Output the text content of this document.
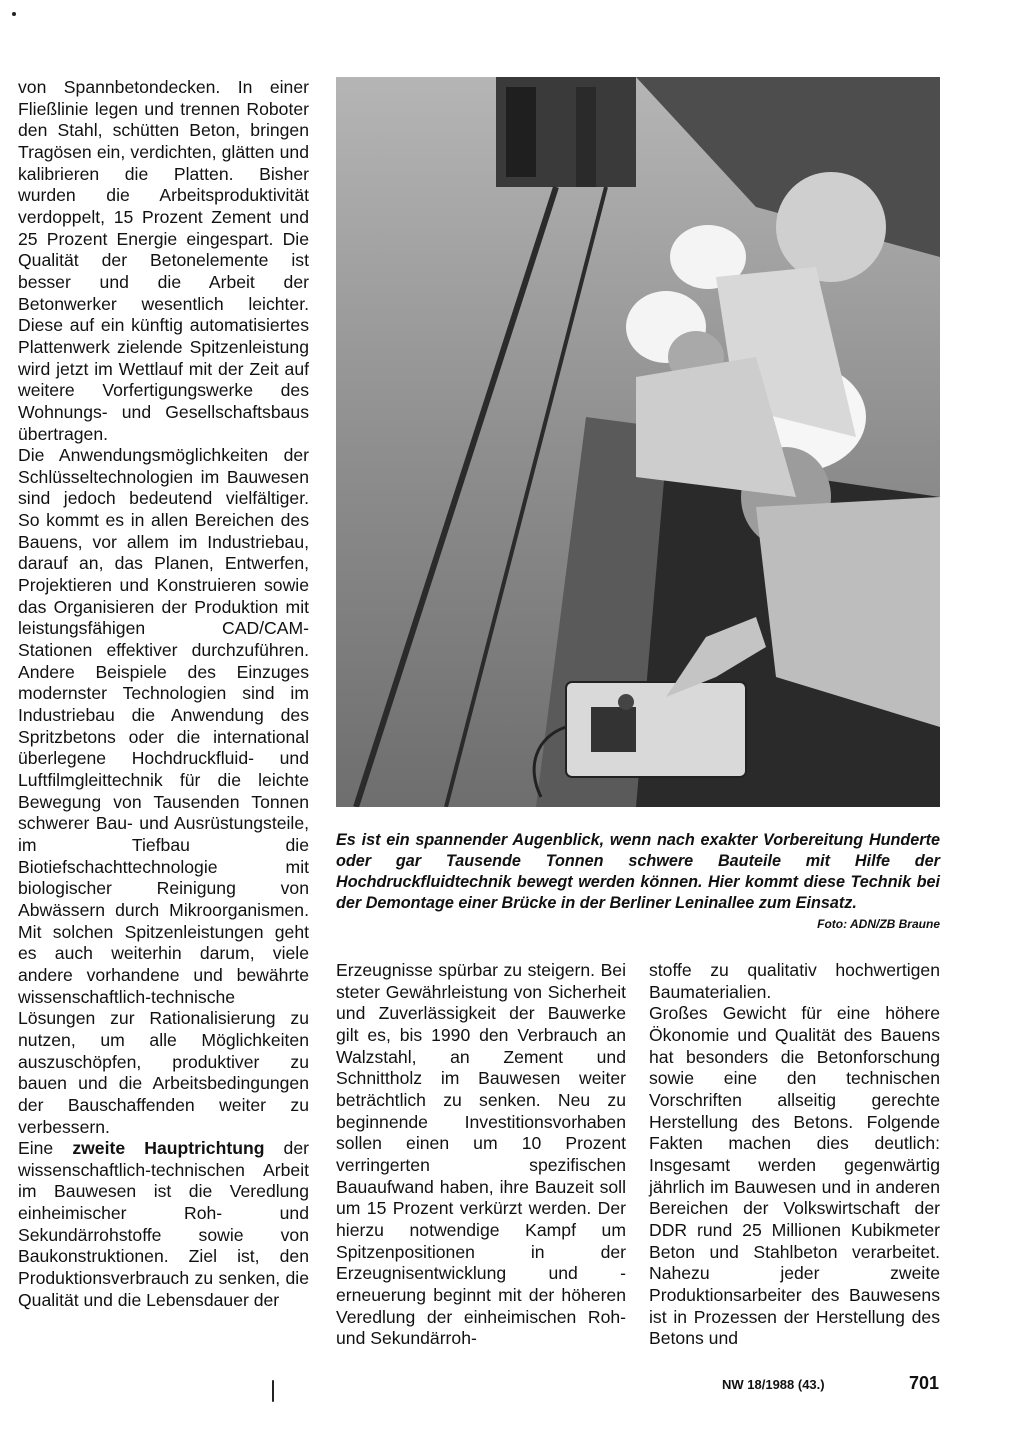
von Spannbetondecken. In einer Fließlinie legen und trennen Roboter den Stahl, schütten Beton, bringen Tragösen ein, verdichten, glätten und kalibrieren die Platten. Bisher wurden die Arbeitsproduktivität verdoppelt, 15 Prozent Zement und 25 Prozent Energie eingespart. Die Qualität der Betonelemente ist besser und die Arbeit der Betonwerker wesentlich leichter. Diese auf ein künftig automatisiertes Plattenwerk zielende Spitzenleistung wird jetzt im Wettlauf mit der Zeit auf weitere Vorfertigungswerke des Wohnungs- und Gesellschaftsbaus übertragen.

Die Anwendungsmöglichkeiten der Schlüsseltechnologien im Bauwesen sind jedoch bedeutend vielfältiger. So kommt es in allen Bereichen des Bauens, vor allem im Industriebau, darauf an, das Planen, Entwerfen, Projektieren und Konstruieren sowie das Organisieren der Produktion mit leistungsfähigen CAD/CAM-Stationen effektiver durchzuführen. Andere Beispiele des Einzuges modernster Technologien sind im Industriebau die Anwendung des Spritzbetons oder die international überlegene Hochdruckfluid- und Luftfilmgleittechnik für die leichte Bewegung von Tausenden Tonnen schwerer Bau- und Ausrüstungsteile, im Tiefbau die Biotiefschachttechnologie mit biologischer Reinigung von Abwässern durch Mikroorganismen. Mit solchen Spitzenleistungen geht es auch weiterhin darum, viele andere vorhandene und bewährte wissenschaftlich-technische Lösungen zur Rationalisierung zu nutzen, um alle Möglichkeiten auszuschöpfen, produktiver zu bauen und die Arbeitsbedingungen der Bauschaffenden weiter zu verbessern.

Eine zweite Hauptrichtung der wissenschaftlich-technischen Arbeit im Bauwesen ist die Veredlung einheimischer Roh- und Sekundärrohstoffe sowie von Baukonstruktionen. Ziel ist, den Produktionsverbrauch zu senken, die Qualität und die Lebensdauer der

Es ist ein spannender Augenblick, wenn nach exakter Vorbereitung Hunderte oder gar Tausende Tonnen schwere Bauteile mit Hilfe der Hochdruckfluidtechnik bewegt werden können. Hier kommt diese Technik bei der Demontage einer Brücke in der Berliner Leninallee zum Einsatz.
Foto: ADN/ZB Braune

Erzeugnisse spürbar zu steigern. Bei steter Gewährleistung von Sicherheit und Zuverlässigkeit der Bauwerke gilt es, bis 1990 den Verbrauch an Walzstahl, an Zement und Schnittholz im Bauwesen weiter beträchtlich zu senken. Neu zu beginnende Investitionsvorhaben sollen einen um 10 Prozent verringerten spezifischen Bauaufwand haben, ihre Bauzeit soll um 15 Prozent verkürzt werden. Der hierzu notwendige Kampf um Spitzenpositionen in der Erzeugnisentwicklung und -erneuerung beginnt mit der höheren Veredlung der einheimischen Roh- und Sekundärroh-

stoffe zu qualitativ hochwertigen Baumaterialien.

Großes Gewicht für eine höhere Ökonomie und Qualität des Bauens hat besonders die Betonforschung sowie eine den technischen Vorschriften allseitig gerechte Herstellung des Betons. Folgende Fakten machen dies deutlich: Insgesamt werden gegenwärtig jährlich im Bauwesen und in anderen Bereichen der Volkswirtschaft der DDR rund 25 Millionen Kubikmeter Beton und Stahlbeton verarbeitet. Nahezu jeder zweite Produktionsarbeiter des Bauwesens ist in Prozessen der Herstellung des Betons und

NW 18/1988 (43.)	701
